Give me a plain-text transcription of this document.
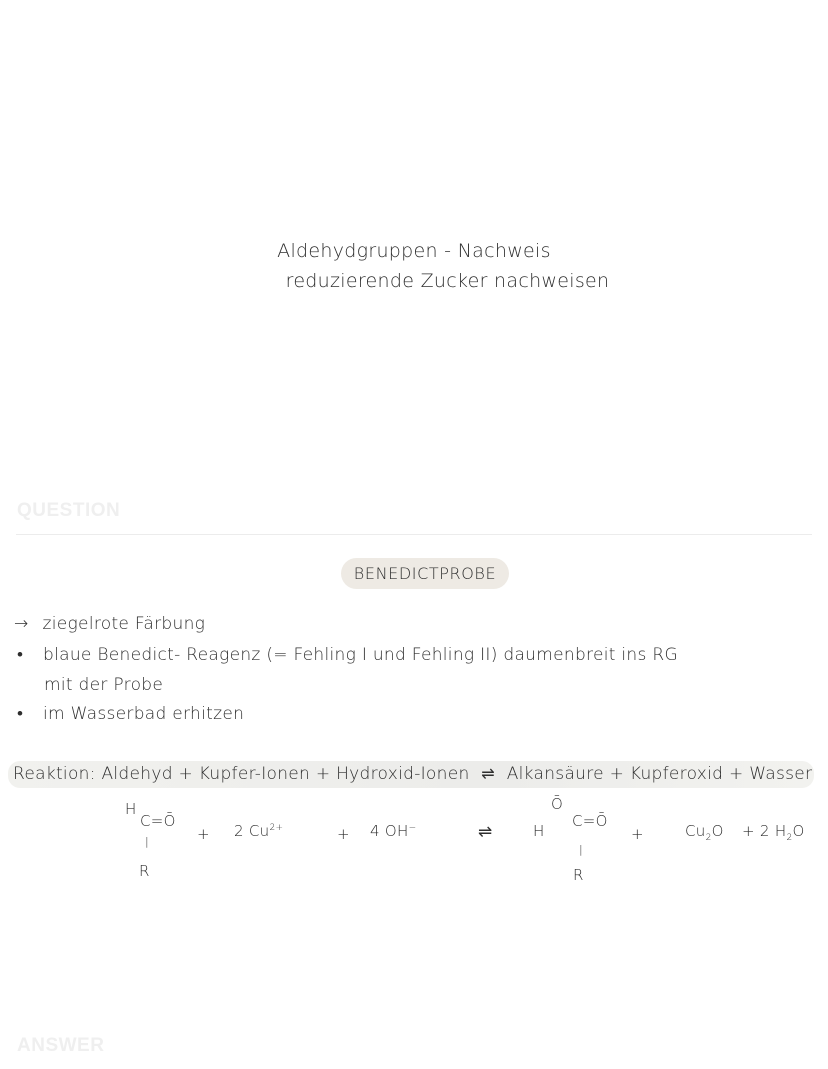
Aldehydgruppen - Nachweis
reduzierende Zucker nachweisen
QUESTION
BENEDICTPROBE
→ ziegelrote Färbung
• blaue Benedict- Reagenz (= Fehling I und Fehling II) daumenbreit ins RG
mit der Probe
• im Wasserbad erhitzen
Reaktion: Aldehyd + Kupfer-Ionen + Hydroxid-Ionen ⇌ Alkansäure + Kupferoxid + Wasser
H
C=Ō
|
R
+ 2 $Cu^{2+}$	+ 4 OH−	⇌
Ō
H
C=Ō
|
R
+	$Cu_2O + 2$ $H_2O$
ANSWER
